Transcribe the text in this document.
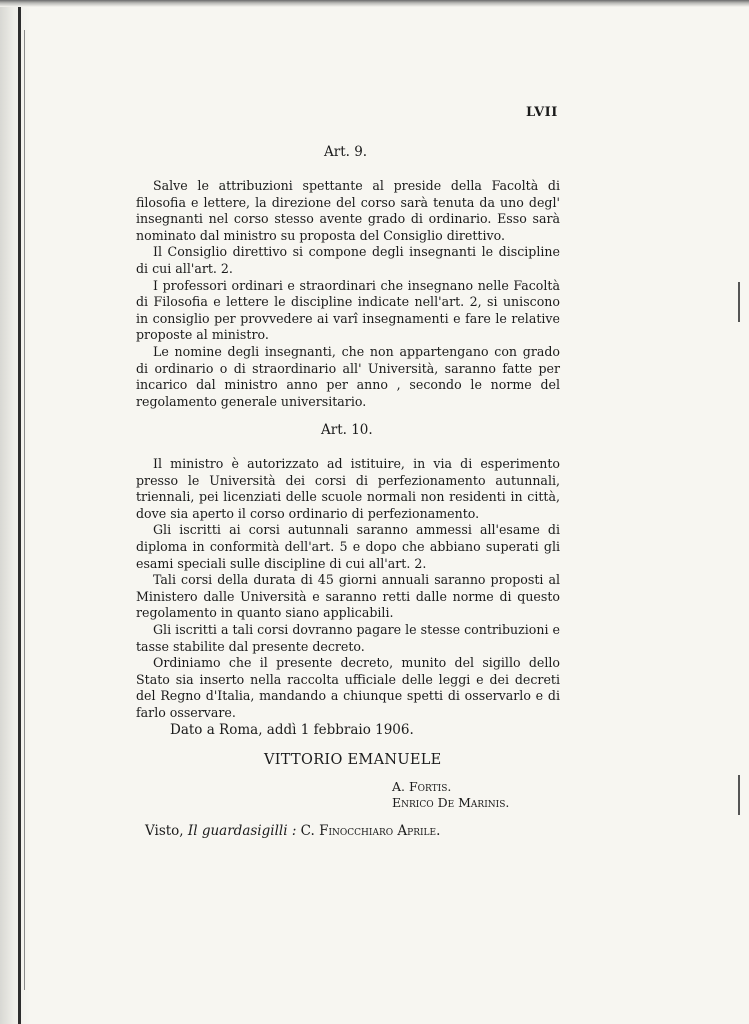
LVII
Art. 9.

Salve le attribuzioni spettante al preside della Facoltà di filosofia e lettere, la direzione del corso sarà tenuta da uno degl' insegnanti nel corso stesso avente grado di ordinario. Esso sarà nominato dal ministro su proposta del Consiglio direttivo.

Il Consiglio direttivo si compone degli insegnanti le discipline di cui all'art. 2.

I professori ordinari e straordinari che insegnano nelle Facoltà di Filosofia e lettere le discipline indicate nell'art. 2, si uniscono in consiglio per provvedere ai varî insegnamenti e fare le relative proposte al ministro.

Le nomine degli insegnanti, che non appartengano con grado di ordinario o di straordinario all' Università, saranno fatte per incarico dal ministro anno per anno , secondo le norme del regolamento generale universitario.

Art. 10.

Il ministro è autorizzato ad istituire, in via di esperimento presso le Università dei corsi di perfezionamento autunnali, triennali, pei licenziati delle scuole normali non residenti in città, dove sia aperto il corso ordinario di perfezionamento.

Gli iscritti ai corsi autunnali saranno ammessi all'esame di diploma in conformità dell'art. 5 e dopo che abbiano superati gli esami speciali sulle discipline di cui all'art. 2.

Tali corsi della durata di 45 giorni annuali saranno proposti al Ministero dalle Università e saranno retti dalle norme di questo regolamento in quanto siano applicabili.

Gli iscritti a tali corsi dovranno pagare le stesse contribuzioni e tasse stabilite dal presente decreto.

Ordiniamo che il presente decreto, munito del sigillo dello Stato sia inserto nella raccolta ufficiale delle leggi e dei decreti del Regno d'Italia, mandando a chiunque spetti di osservarlo e di farlo osservare.

Dato a Roma, addì 1 febbraio 1906.
VITTORIO EMANUELE
A. Fortis.
Enrico De Marinis.
Visto, Il guardasigilli : C. Finocchiaro Aprile.
